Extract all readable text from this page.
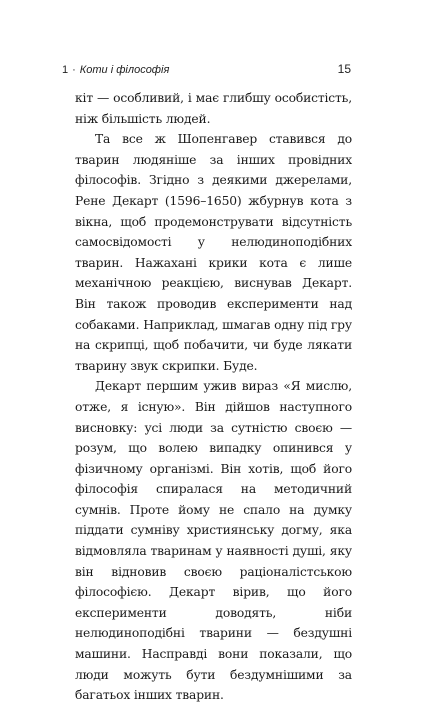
1 · Коти і філософія	15

кіт — особливий, і має глибшу особистість, ніж більшість людей.

Та все ж Шопенгавер ставився до тварин людяніше за інших провідних філософів. Згідно з деякими джерелами, Рене Декарт (1596–1650) жбурнув кота з вікна, щоб продемонструвати відсутність самосвідомості у нелюдиноподібних тварин. Нажахані крики кота є лише механічною реакцією, виснував Декарт. Він також проводив експерименти над собаками. Наприклад, шмагав одну під гру на скрипці, щоб побачити, чи буде лякати тварину звук скрипки. Буде.

Декарт першим ужив вираз «Я мислю, отже, я існую». Він дійшов наступного висновку: усі люди за сутністю своєю — розум, що волею випадку опинився у фізичному організмі. Він хотів, щоб його філософія спиралася на методичний сумнів. Проте йому не спало на думку піддати сумніву християнську догму, яка відмовляла тваринам у наявності душі, яку він відновив своєю раціоналістською філософією. Декарт вірив, що його експерименти доводять, ніби нелюдиноподібні тварини — бездушні машини. Насправді вони показали, що люди можуть бути бездумнішими за багатьох інших тварин.
